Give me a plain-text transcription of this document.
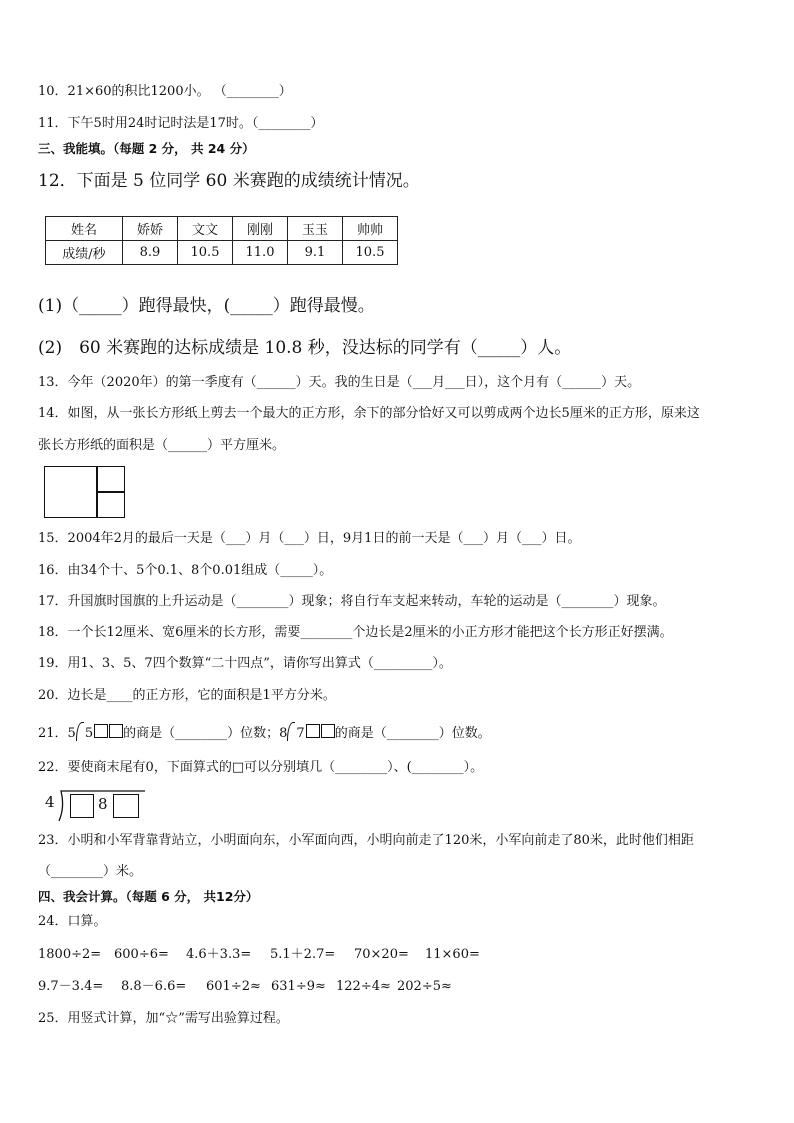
10．21×60的积比1200小。 （________）
11．下午5时用24时记时法是17时。（________）
三、我能填。（每题 2 分， 共 24 分）
12．下面是 5 位同学 60 米赛跑的成绩统计情况。
姓名	娇娇	文文	刚刚	玉玉	帅帅
成绩/秒	8.9	10.5	11.0	9.1	10.5
(1)（_____）跑得最快，(_____）跑得最慢。
(2)　60 米赛跑的达标成绩是 10.8 秒，没达标的同学有（_____）人。
13．今年（2020年）的第一季度有（______）天。我的生日是（___月___日），这个月有（______）天。
14．如图，从一张长方形纸上剪去一个最大的正方形，余下的部分恰好又可以剪成两个边长5厘米的正方形，原来这
张长方形纸的面积是（______）平方厘米。
15．2004年2月的最后一天是（___）月（___）日，9月1日的前一天是（___）月（___）日。
16．由34个十、5个0.1、8个0.01组成（_____）。
17．升国旗时国旗的上升运动是（________）现象；将自行车支起来转动，车轮的运动是（________）现象。
18．一个长12厘米、宽6厘米的长方形，需要________个边长是2厘米的小正方形才能把这个长方形正好摆满。
19．用1、3、5、7四个数算“二十四点”，请你写出算式（_________）。
20．边长是____的正方形，它的面积是1平方分米。
21．5 5 的商是（________）位数；8 7 的商是（________）位数。
22．要使商末尾有0，下面算式的□可以分别填几（________）、(________）。
4	8
23．小明和小军背靠背站立，小明面向东，小军面向西，小明向前走了120米，小军向前走了80米，此时他们相距
（________）米。
四、我会计算。（每题 6 分， 共12分）
24．口算。
1800÷2= 600÷6= 4.6＋3.3= 5.1＋2.7= 70×20= 11×60=
9.7－3.4= 8.8－6.6= 601÷2≈ 631÷9≈ 122÷4≈ 202÷5≈
25．用竖式计算，加“☆”需写出验算过程。
